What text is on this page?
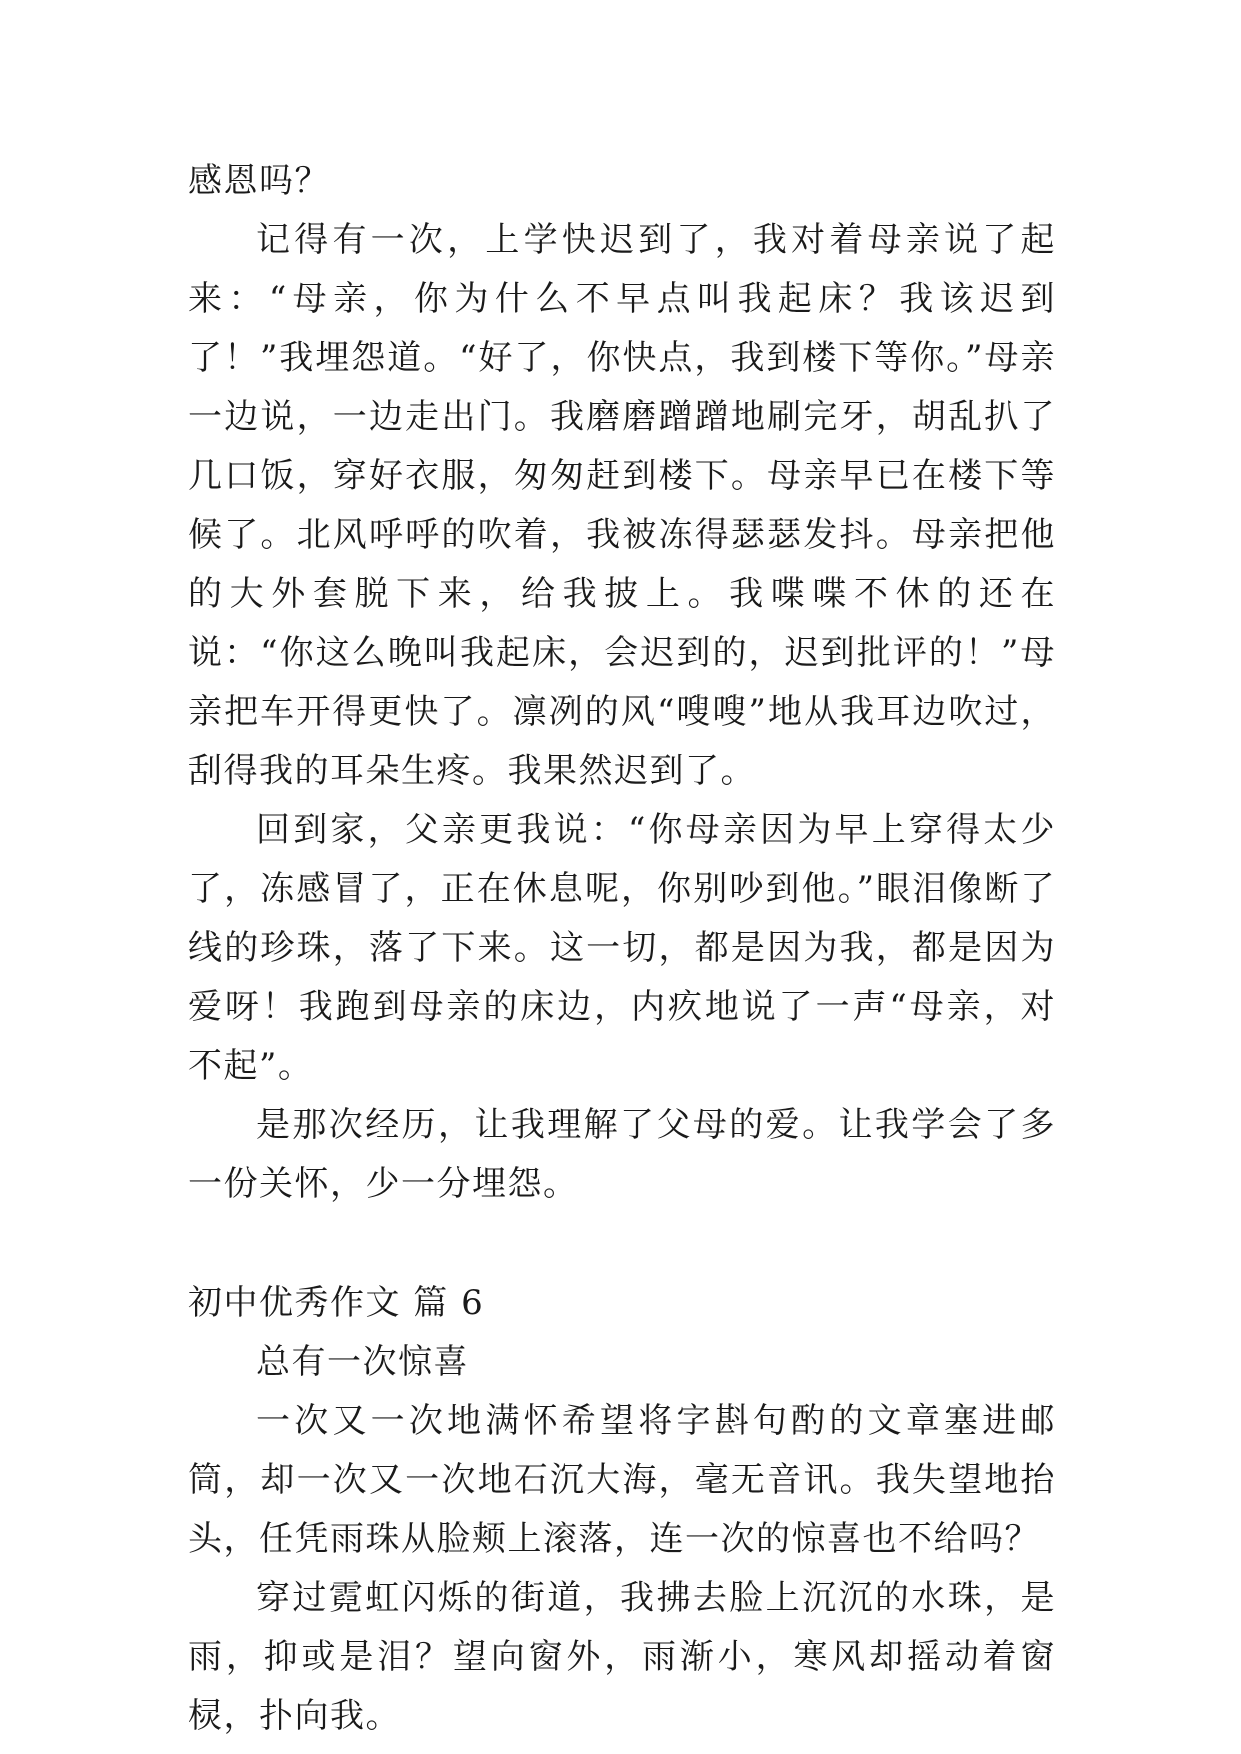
感恩吗？

记得有一次，上学快迟到了，我对着母亲说了起来：“母亲，你为什么不早点叫我起床？我该迟到了！”我埋怨道。“好了，你快点，我到楼下等你。”母亲一边说，一边走出门。我磨磨蹭蹭地刷完牙，胡乱扒了几口饭，穿好衣服，匆匆赶到楼下。母亲早已在楼下等候了。北风呼呼的吹着，我被冻得瑟瑟发抖。母亲把他的大外套脱下来，给我披上。我喋喋不休的还在说：“你这么晚叫我起床，会迟到的，迟到批评的！”母亲把车开得更快了。凛冽的风“嗖嗖”地从我耳边吹过，刮得我的耳朵生疼。我果然迟到了。

回到家，父亲更我说：“你母亲因为早上穿得太少了，冻感冒了，正在休息呢，你别吵到他。”眼泪像断了线的珍珠，落了下来。这一切，都是因为我，都是因为爱呀！我跑到母亲的床边，内疚地说了一声“母亲，对不起”。

是那次经历，让我理解了父母的爱。让我学会了多一份关怀，少一分埋怨。

初中优秀作文 篇 6

总有一次惊喜

一次又一次地满怀希望将字斟句酌的文章塞进邮筒，却一次又一次地石沉大海，毫无音讯。我失望地抬头，任凭雨珠从脸颊上滚落，连一次的惊喜也不给吗？

穿过霓虹闪烁的街道，我拂去脸上沉沉的水珠，是雨，抑或是泪？望向窗外，雨渐小，寒风却摇动着窗棂，扑向我。
